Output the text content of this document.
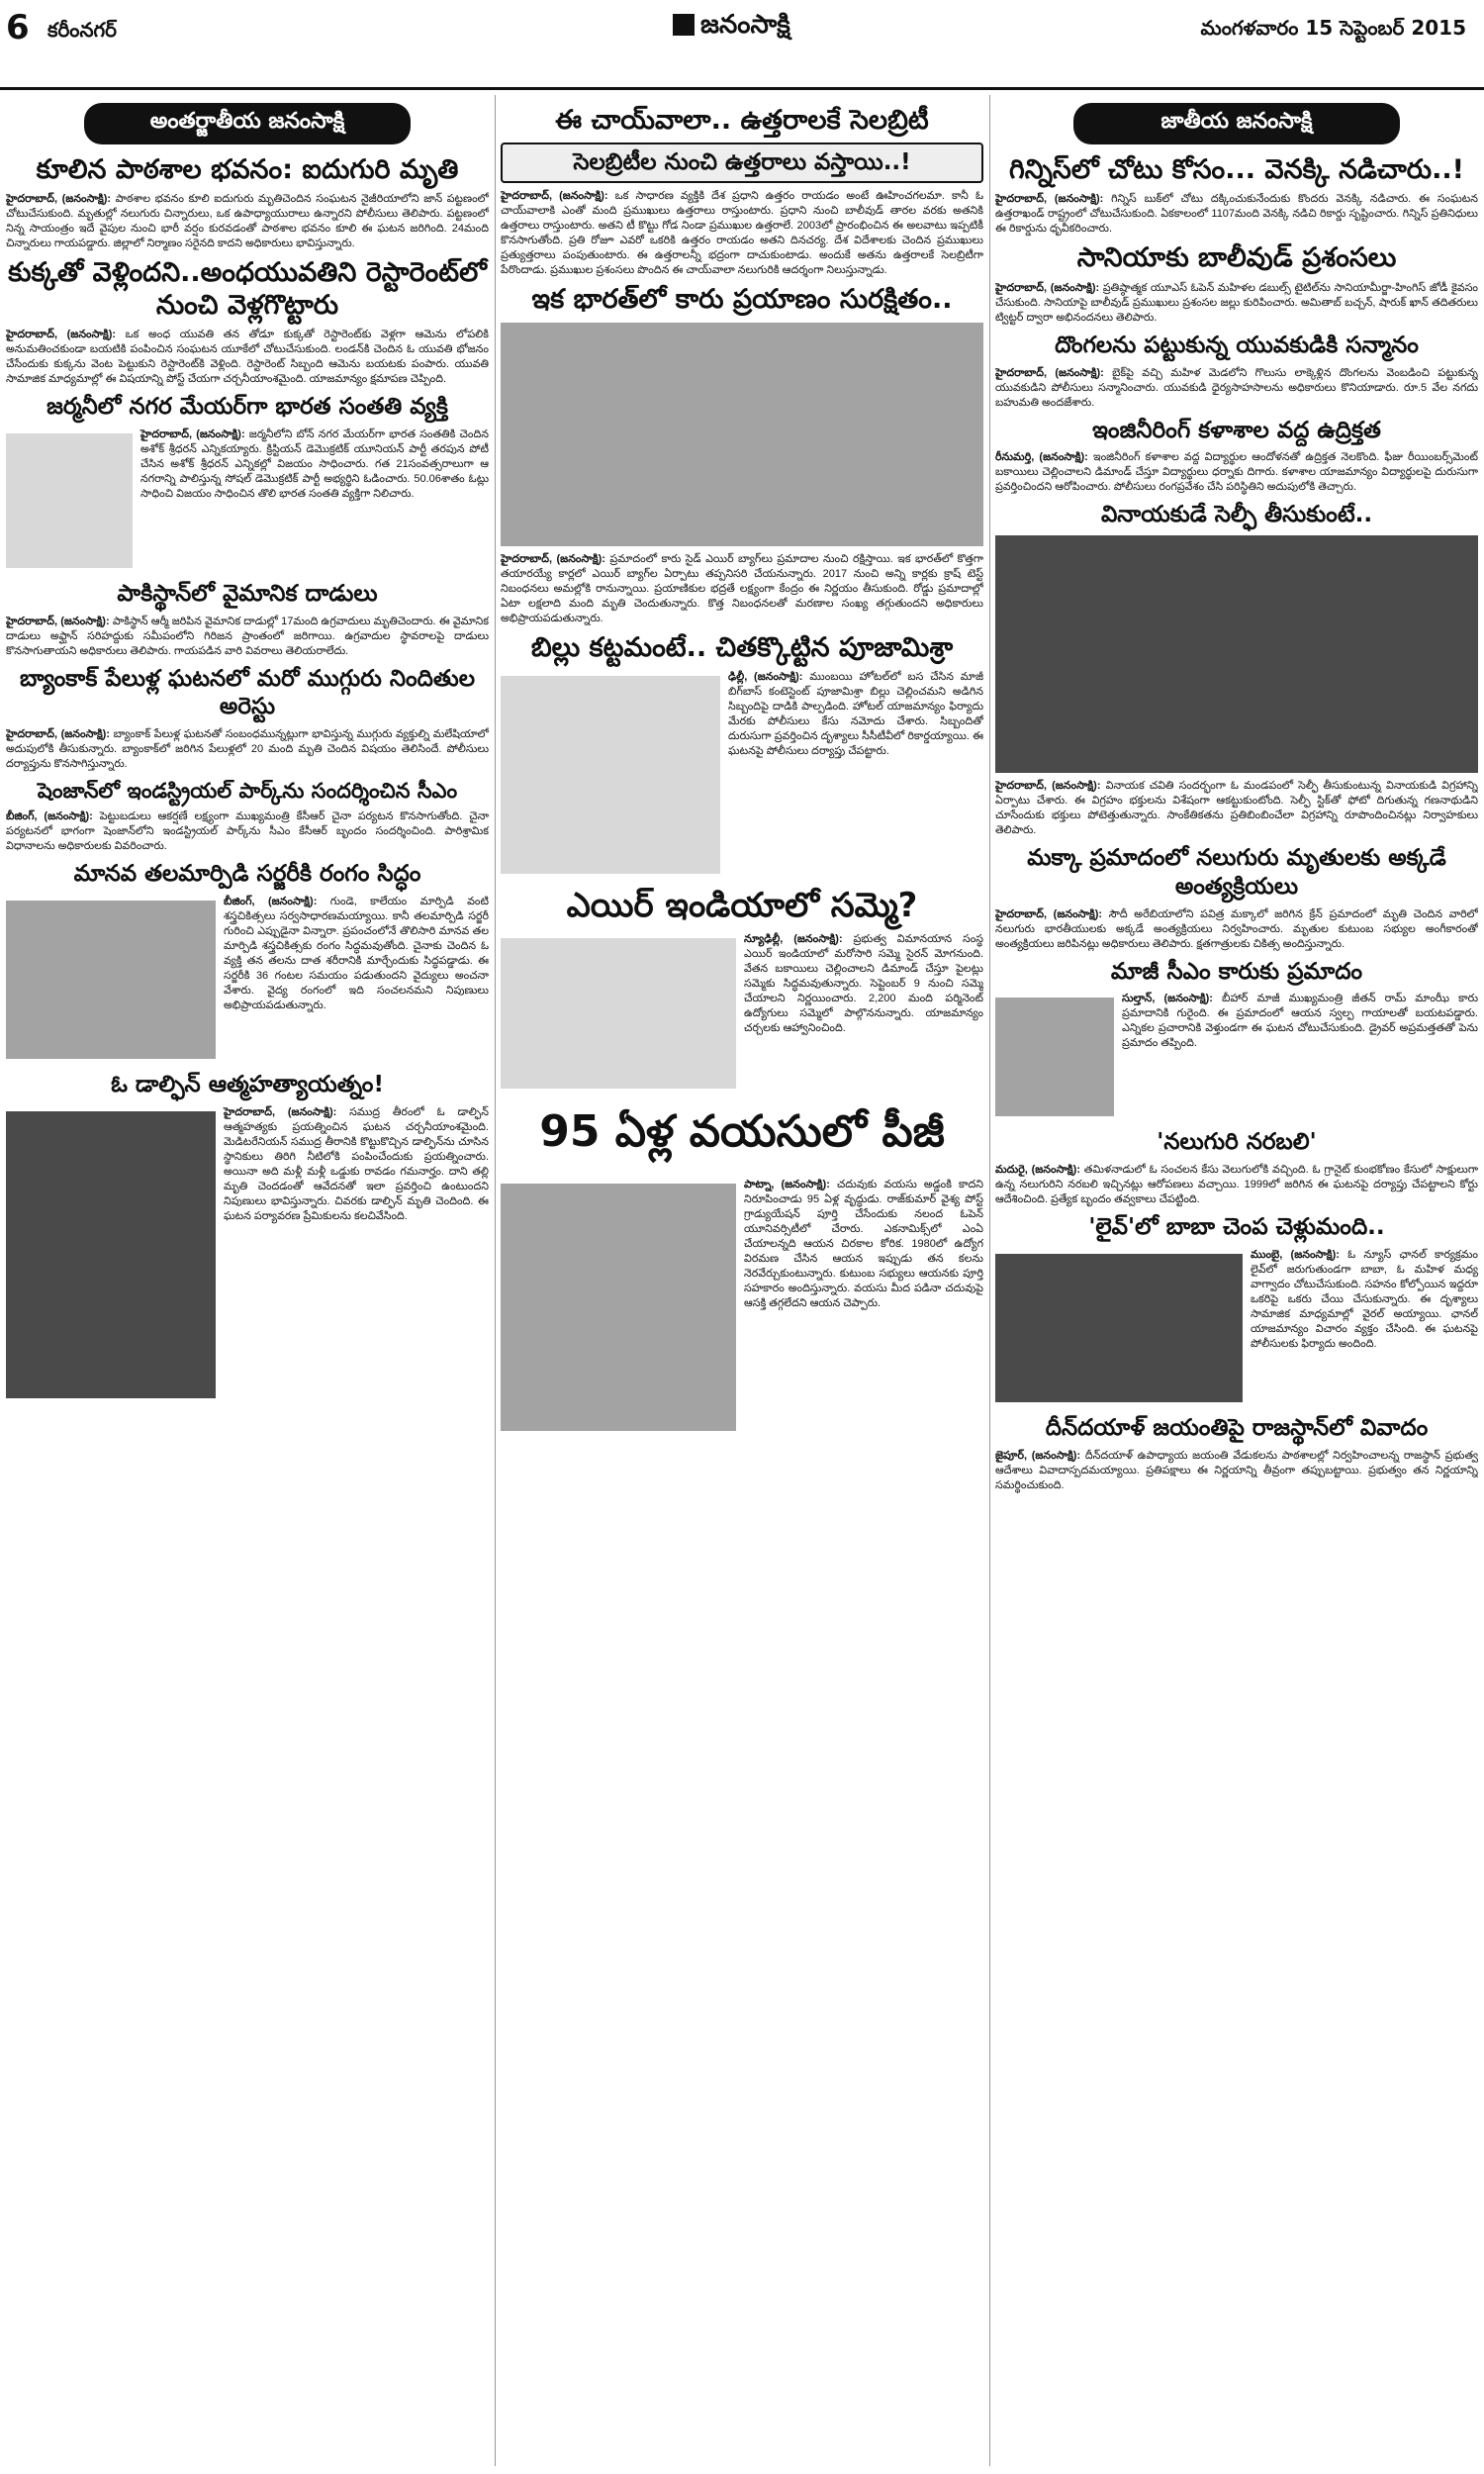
6 కరీంనగర్	జనంసాక్షి	మంగళవారం 15 సెప్టెంబర్ 2015
అంతర్జాతీయ జనంసాక్షి
కూలిన పాఠశాల భవనం: ఐదుగురి మృతి

హైదరాబాద్, (జనంసాక్షి): పాఠశాల భవనం కూలి ఐదుగురు మృతిచెందిన సంఘటన నైజీరియాలోని జాన్ పట్టణంలో చోటుచేసుకుంది. మృతుల్లో నలుగురు చిన్నారులు, ఒక ఉపాధ్యాయురాలు ఉన్నారని పోలీసులు తెలిపారు. పట్టణంలో నిన్న సాయంత్రం ఇదే వైపుల నుంచి భారీ వర్షం కురవడంతో పాఠశాల భవనం కూలి ఈ ఘటన జరిగింది. 24మంది చిన్నారులు గాయపడ్డారు. జిల్లాలో నిర్మాణం సరైనది కాదని అధికారులు భావిస్తున్నారు.

కుక్కతో వెళ్లిందని..అంధయువతిని రెస్టారెంట్‌లో నుంచి వెళ్లగొట్టారు

హైదరాబాద్, (జనంసాక్షి): ఒక అంధ యువతి తన తోడూ కుక్కతో రెస్టారెంట్‌కు వెళ్లగా ఆమెను లోపలికి అనుమతించకుండా బయటికి పంపించిన సంఘటన యూకేలో చోటుచేసుకుంది. లండన్‌కి చెందిన ఓ యువతి భోజనం చేసేందుకు కుక్కను వెంట పెట్టుకుని రెస్టారెంట్‌కి వెళ్లింది. రెస్టారెంట్ సిబ్బంది ఆమెను బయటకు పంపారు. యువతి సామాజిక మాధ్యమాల్లో ఈ విషయాన్ని పోస్ట్ చేయగా చర్చనీయాంశమైంది. యాజమాన్యం క్షమాపణ చెప్పింది.

జర్మనీలో నగర మేయర్‌గా భారత సంతతి వ్యక్తి

హైదరాబాద్, (జనంసాక్షి): జర్మనీలోని బోన్ నగర మేయర్‌గా భారత సంతతికి చెందిన అశోక్ శ్రీధరన్ ఎన్నికయ్యారు. క్రిస్టియన్ డెమొక్రటిక్ యూనియన్ పార్టీ తరపున పోటీ చేసిన అశోక్ శ్రీధరన్ ఎన్నికల్లో విజయం సాధించారు. గత 21సంవత్సరాలుగా ఆ నగరాన్ని పాలిస్తున్న సోషల్ డెమొక్రటిక్ పార్టీ అభ్యర్థిని ఓడించారు. 50.06శాతం ఓట్లు సాధించి విజయం సాధించిన తొలి భారత సంతతి వ్యక్తిగా నిలిచారు.

పాకిస్థాన్‌లో వైమానిక దాడులు

హైదరాబాద్, (జనంసాక్షి): పాకిస్థాన్ ఆర్మీ జరిపిన వైమానిక దాడుల్లో 17మంది ఉగ్రవాదులు మృతిచెందారు. ఈ వైమానిక దాడులు అఫ్ఘాన్ సరిహద్దుకు సమీపంలోని గిరిజన ప్రాంతంలో జరిగాయి. ఉగ్రవాదుల స్థావరాలపై దాడులు కొనసాగుతాయని అధికారులు తెలిపారు. గాయపడిన వారి వివరాలు తెలియరాలేదు.

బ్యాంకాక్ పేలుళ్ల ఘటనలో మరో ముగ్గురు నిందితుల అరెస్టు

హైదరాబాద్, (జనంసాక్షి): బ్యాంకాక్ పేలుళ్ల ఘటనతో సంబంధమున్నట్లుగా భావిస్తున్న ముగ్గురు వ్యక్తుల్ని మలేషియాలో అదుపులోకి తీసుకున్నారు. బ్యాంకాక్‌లో జరిగిన పేలుళ్లలో 20 మంది మృతి చెందిన విషయం తెలిసిందే. పోలీసులు దర్యాప్తును కొనసాగిస్తున్నారు.

షెంజాన్‌లో ఇండస్ట్రియల్ పార్క్‌ను సందర్శించిన సీఎం

బీజింగ్, (జనంసాక్షి): పెట్టుబడులు ఆకర్షణే లక్ష్యంగా ముఖ్యమంత్రి కేసీఆర్ చైనా పర్యటన కొనసాగుతోంది. చైనా పర్యటనలో భాగంగా షెంజాన్‌లోని ఇండస్ట్రియల్ పార్క్‌ను సీఎం కేసీఆర్ బృందం సందర్శించింది. పారిశ్రామిక విధానాలను అధికారులకు వివరించారు.

మానవ తలమార్పిడి సర్జరీకి రంగం సిద్ధం

బీజింగ్, (జనంసాక్షి): గుండె, కాలేయం మార్పిడి వంటి శస్త్రచికిత్సలు సర్వసాధారణమయ్యాయి. కానీ తలమార్పిడి సర్జరీ గురించి ఎప్పుడైనా విన్నారా. ప్రపంచంలోనే తొలిసారి మానవ తల మార్పిడి శస్త్రచికిత్సకు రంగం సిద్ధమవుతోంది. చైనాకు చెందిన ఓ వ్యక్తి తన తలను దాత శరీరానికి మార్చేందుకు సిద్ధపడ్డాడు. ఈ సర్జరీకి 36 గంటల సమయం పడుతుందని వైద్యులు అంచనా వేశారు. వైద్య రంగంలో ఇది సంచలనమని నిపుణులు అభిప్రాయపడుతున్నారు.

ఓ డాల్ఫిన్ ఆత్మహత్యాయత్నం!

హైదరాబాద్, (జనంసాక్షి): సముద్ర తీరంలో ఓ డాల్ఫిన్ ఆత్మహత్యకు ప్రయత్నించిన ఘటన చర్చనీయాంశమైంది. మెడిటరేనియన్ సముద్ర తీరానికి కొట్టుకొచ్చిన డాల్ఫిన్‌ను చూసిన స్థానికులు తిరిగి నీటిలోకి పంపించేందుకు ప్రయత్నించారు. అయినా అది మళ్లీ మళ్లీ ఒడ్డుకు రావడం గమనార్హం. దాని తల్లి మృతి చెందడంతో ఆవేదనతో ఇలా ప్రవర్తించి ఉంటుందని నిపుణులు భావిస్తున్నారు. చివరకు డాల్ఫిన్ మృతి చెందింది. ఈ ఘటన పర్యావరణ ప్రేమికులను కలచివేసింది.

ఈ చాయ్‌వాలా.. ఉత్తరాలకే సెలబ్రిటీ
సెలబ్రిటీల నుంచి ఉత్తరాలు వస్తాయి..!

హైదరాబాద్, (జనంసాక్షి): ఒక సాధారణ వ్యక్తికి దేశ ప్రధాని ఉత్తరం రాయడం అంటే ఊహించగలమా. కానీ ఓ చాయ్‌వాలాకి ఎంతో మంది ప్రముఖులు ఉత్తరాలు రాస్తుంటారు. ప్రధాని నుంచి బాలీవుడ్ తారల వరకు అతనికి ఉత్తరాలు రాస్తుంటారు. అతని టీ కొట్టు గోడ నిండా ప్రముఖుల ఉత్తరాలే. 2003లో ప్రారంభించిన ఈ అలవాటు ఇప్పటికీ కొనసాగుతోంది. ప్రతి రోజూ ఎవరో ఒకరికి ఉత్తరం రాయడం అతని దినచర్య. దేశ విదేశాలకు చెందిన ప్రముఖులు ప్రత్యుత్తరాలు పంపుతుంటారు. ఈ ఉత్తరాలన్నీ భద్రంగా దాచుకుంటాడు. అందుకే అతను ఉత్తరాలకే సెలబ్రిటీగా పేరొందాడు. ప్రముఖుల ప్రశంసలు పొందిన ఈ చాయ్‌వాలా నలుగురికి ఆదర్శంగా నిలుస్తున్నాడు.

ఇక భారత్‌లో కారు ప్రయాణం సురక్షితం..

హైదరాబాద్, (జనంసాక్షి): ప్రమాదంలో కారు సైడ్ ఎయిర్ బ్యాగ్‌లు ప్రమాదాల నుంచి రక్షిస్తాయి. ఇక భారత్‌లో కొత్తగా తయారయ్యే కార్లలో ఎయిర్ బ్యాగ్‌ల ఏర్పాటు తప్పనిసరి చేయనున్నారు. 2017 నుంచి అన్ని కార్లకు క్రాష్ టెస్ట్ నిబంధనలు అమల్లోకి రానున్నాయి. ప్రయాణికుల భద్రతే లక్ష్యంగా కేంద్రం ఈ నిర్ణయం తీసుకుంది. రోడ్డు ప్రమాదాల్లో ఏటా లక్షలాది మంది మృతి చెందుతున్నారు. కొత్త నిబంధనలతో మరణాల సంఖ్య తగ్గుతుందని అధికారులు అభిప్రాయపడుతున్నారు.

బిల్లు కట్టమంటే.. చితక్కొట్టిన పూజామిశ్రా

ఢిల్లీ, (జనంసాక్షి): ముంబయి హోటల్‌లో బస చేసిన మాజీ బిగ్‌బాస్ కంటెస్టెంట్ పూజామిశ్రా బిల్లు చెల్లించమని అడిగిన సిబ్బందిపై దాడికి పాల్పడింది. హోటల్ యాజమాన్యం ఫిర్యాదు మేరకు పోలీసులు కేసు నమోదు చేశారు. సిబ్బందితో దురుసుగా ప్రవర్తించిన దృశ్యాలు సీసీటీవీలో రికార్డయ్యాయి. ఈ ఘటనపై పోలీసులు దర్యాప్తు చేపట్టారు.

ఎయిర్ ఇండియాలో సమ్మె?

న్యూఢిల్లీ, (జనంసాక్షి): ప్రభుత్వ విమానయాన సంస్థ ఎయిర్ ఇండియాలో మరోసారి సమ్మె సైరన్ మోగనుంది. వేతన బకాయిలు చెల్లించాలని డిమాండ్ చేస్తూ పైలట్లు సమ్మెకు సిద్ధమవుతున్నారు. సెప్టెంబర్ 9 నుంచి సమ్మె చేయాలని నిర్ణయించారు. 2,200 మంది పర్మినెంట్ ఉద్యోగులు సమ్మెలో పాల్గొననున్నారు. యాజమాన్యం చర్చలకు ఆహ్వానించింది.

95 ఏళ్ల వయసులో పీజీ

పాట్నా, (జనంసాక్షి): చదువుకు వయసు అడ్డంకి కాదని నిరూపించాడు 95 ఏళ్ల వృద్ధుడు. రాజ్‌కుమార్ వైశ్య పోస్ట్ గ్రాడ్యుయేషన్ పూర్తి చేసేందుకు నలంద ఓపెన్ యూనివర్సిటీలో చేరారు. ఎకనామిక్స్‌లో ఎంఏ చేయాలన్నది ఆయన చిరకాల కోరిక. 1980లో ఉద్యోగ విరమణ చేసిన ఆయన ఇప్పుడు తన కలను నెరవేర్చుకుంటున్నారు. కుటుంబ సభ్యులు ఆయనకు పూర్తి సహకారం అందిస్తున్నారు. వయసు మీద పడినా చదువుపై ఆసక్తి తగ్గలేదని ఆయన చెప్పారు.

జాతీయ జనంసాక్షి
గిన్నిస్‌లో చోటు కోసం... వెనక్కి నడిచారు..!

హైదరాబాద్, (జనంసాక్షి): గిన్నిస్ బుక్‌లో చోటు దక్కించుకునేందుకు కొందరు వెనక్కి నడిచారు. ఈ సంఘటన ఉత్తరాఖండ్ రాష్ట్రంలో చోటుచేసుకుంది. ఏకకాలంలో 1107మంది వెనక్కి నడిచి రికార్డు సృష్టించారు. గిన్నిస్ ప్రతినిధులు ఈ రికార్డును ధృవీకరించారు.

సానియాకు బాలీవుడ్ ప్రశంసలు

హైదరాబాద్, (జనంసాక్షి): ప్రతిష్ఠాత్మక యూఎస్ ఓపెన్ మహిళల డబుల్స్ టైటిల్‌ను సానియామీర్జా-హింగిస్ జోడీ కైవసం చేసుకుంది. సానియాపై బాలీవుడ్ ప్రముఖులు ప్రశంసల జల్లు కురిపించారు. అమితాబ్ బచ్చన్, షారుక్ ఖాన్ తదితరులు ట్విట్టర్ ద్వారా అభినందనలు తెలిపారు.

దొంగలను పట్టుకున్న యువకుడికి సన్మానం

హైదరాబాద్, (జనంసాక్షి): బైక్‌పై వచ్చి మహిళ మెడలోని గొలుసు లాక్కెళ్లిన దొంగలను వెంబడించి పట్టుకున్న యువకుడిని పోలీసులు సన్మానించారు. యువకుడి ధైర్యసాహసాలను అధికారులు కొనియాడారు. రూ.5 వేల నగదు బహుమతి అందజేశారు.

ఇంజినీరింగ్ కళాశాల వద్ద ఉద్రిక్తత

రీనుమర్తి, (జనంసాక్షి): ఇంజినీరింగ్ కళాశాల వద్ద విద్యార్థుల ఆందోళనతో ఉద్రిక్తత నెలకొంది. ఫీజు రీయింబర్స్‌మెంట్ బకాయిలు చెల్లించాలని డిమాండ్ చేస్తూ విద్యార్థులు ధర్నాకు దిగారు. కళాశాల యాజమాన్యం విద్యార్థులపై దురుసుగా ప్రవర్తించిందని ఆరోపించారు. పోలీసులు రంగప్రవేశం చేసి పరిస్థితిని అదుపులోకి తెచ్చారు.

వినాయకుడే సెల్ఫీ తీసుకుంటే..

హైదరాబాద్, (జనంసాక్షి): వినాయక చవితి సందర్భంగా ఓ మండపంలో సెల్ఫీ తీసుకుంటున్న వినాయకుడి విగ్రహాన్ని ఏర్పాటు చేశారు. ఈ విగ్రహం భక్తులను విశేషంగా ఆకట్టుకుంటోంది. సెల్ఫీ స్టిక్‌తో ఫోటో దిగుతున్న గణనాథుడిని చూసేందుకు భక్తులు పోటెత్తుతున్నారు. సాంకేతికతను ప్రతిబింబించేలా విగ్రహాన్ని రూపొందించినట్లు నిర్వాహకులు తెలిపారు.

మక్కా ప్రమాదంలో నలుగురు మృతులకు అక్కడే అంత్యక్రియలు

హైదరాబాద్, (జనంసాక్షి): సౌదీ అరేబియాలోని పవిత్ర మక్కాలో జరిగిన క్రేన్ ప్రమాదంలో మృతి చెందిన వారిలో నలుగురు భారతీయులకు అక్కడే అంత్యక్రియలు నిర్వహించారు. మృతుల కుటుంబ సభ్యుల అంగీకారంతో అంత్యక్రియలు జరిపినట్లు అధికారులు తెలిపారు. క్షతగాత్రులకు చికిత్స అందిస్తున్నారు.

మాజీ సీఎం కారుకు ప్రమాదం

సుల్తాన్, (జనంసాక్షి): బీహార్ మాజీ ముఖ్యమంత్రి జీతన్ రామ్ మాంఝీ కారు ప్రమాదానికి గురైంది. ఈ ప్రమాదంలో ఆయన స్వల్ప గాయాలతో బయటపడ్డారు. ఎన్నికల ప్రచారానికి వెళ్తుండగా ఈ ఘటన చోటుచేసుకుంది. డ్రైవర్ అప్రమత్తతతో పెను ప్రమాదం తప్పింది.

'నలుగురి నరబలి'

మదురై, (జనంసాక్షి): తమిళనాడులో ఓ సంచలన కేసు వెలుగులోకి వచ్చింది. ఓ గ్రానైట్ కుంభకోణం కేసులో సాక్షులుగా ఉన్న నలుగురిని నరబలి ఇచ్చినట్లు ఆరోపణలు వచ్చాయి. 1999లో జరిగిన ఈ ఘటనపై దర్యాప్తు చేపట్టాలని కోర్టు ఆదేశించింది. ప్రత్యేక బృందం తవ్వకాలు చేపట్టింది.

'లైవ్'లో బాబా చెంప చెళ్లుమంది..

ముంబై, (జనంసాక్షి): ఓ న్యూస్ ఛానల్ కార్యక్రమం లైవ్‌లో జరుగుతుండగా బాబా, ఓ మహిళ మధ్య వాగ్వాదం చోటుచేసుకుంది. సహనం కోల్పోయిన ఇద్దరూ ఒకరిపై ఒకరు చేయి చేసుకున్నారు. ఈ దృశ్యాలు సామాజిక మాధ్యమాల్లో వైరల్ అయ్యాయి. ఛానల్ యాజమాన్యం విచారం వ్యక్తం చేసింది. ఈ ఘటనపై పోలీసులకు ఫిర్యాదు అందింది.

దీన్‌దయాళ్ జయంతిపై రాజస్థాన్‌లో వివాదం

జైపూర్, (జనంసాక్షి): దీన్‌దయాళ్ ఉపాధ్యాయ జయంతి వేడుకలను పాఠశాలల్లో నిర్వహించాలన్న రాజస్థాన్ ప్రభుత్వ ఆదేశాలు వివాదాస్పదమయ్యాయి. ప్రతిపక్షాలు ఈ నిర్ణయాన్ని తీవ్రంగా తప్పుబట్టాయి. ప్రభుత్వం తన నిర్ణయాన్ని సమర్థించుకుంది.
